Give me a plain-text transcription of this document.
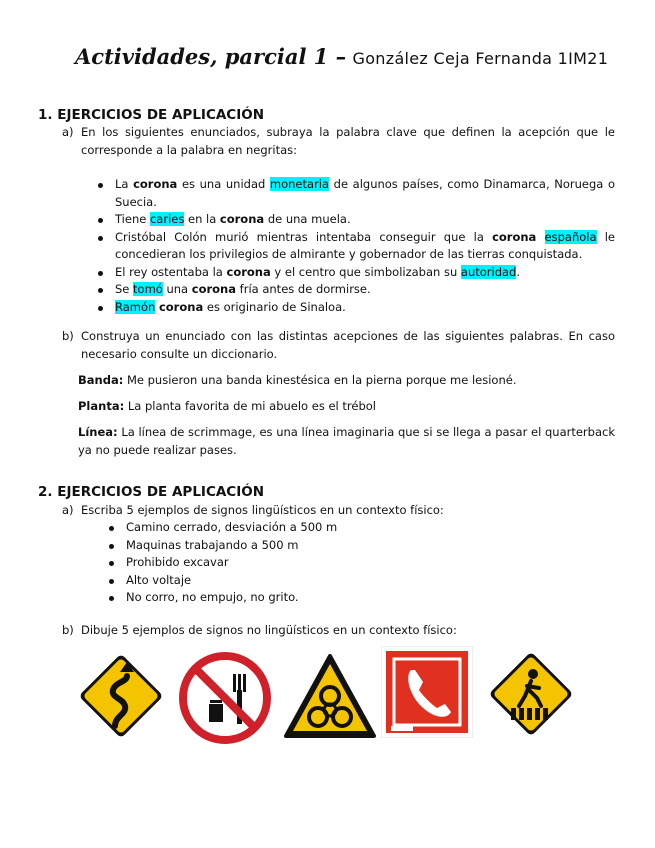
Actividades, parcial 1 – González Ceja Fernanda 1IM21
1. EJERCICIOS DE APLICACIÓN
a) En los siguientes enunciados, subraya la palabra clave que definen la acepción que le corresponde a la palabra en negritas:
La corona es una unidad monetaria de algunos países, como Dinamarca, Noruega o Suecia.
Tiene caries en la corona de una muela.
Cristóbal Colón murió mientras intentaba conseguir que la corona española le concedieran los privilegios de almirante y gobernador de las tierras conquistada.
El rey ostentaba la corona y el centro que simbolizaban su autoridad.
Se tomó una corona fría antes de dormirse.
Ramón corona es originario de Sinaloa.
b) Construya un enunciado con las distintas acepciones de las siguientes palabras. En caso necesario consulte un diccionario.
Banda: Me pusieron una banda kinestésica en la pierna porque me lesioné.
Planta: La planta favorita de mi abuelo es el trébol
Línea: La línea de scrimmage, es una línea imaginaria que si se llega a pasar el quarterback ya no puede realizar pases.
2. EJERCICIOS DE APLICACIÓN
a) Escriba 5 ejemplos de signos lingüísticos en un contexto físico:
Camino cerrado, desviación a 500 m
Maquinas trabajando a 500 m
Prohibido excavar
Alto voltaje
No corro, no empujo, no grito.
b) Dibuje 5 ejemplos de signos no lingüísticos en un contexto físico:
